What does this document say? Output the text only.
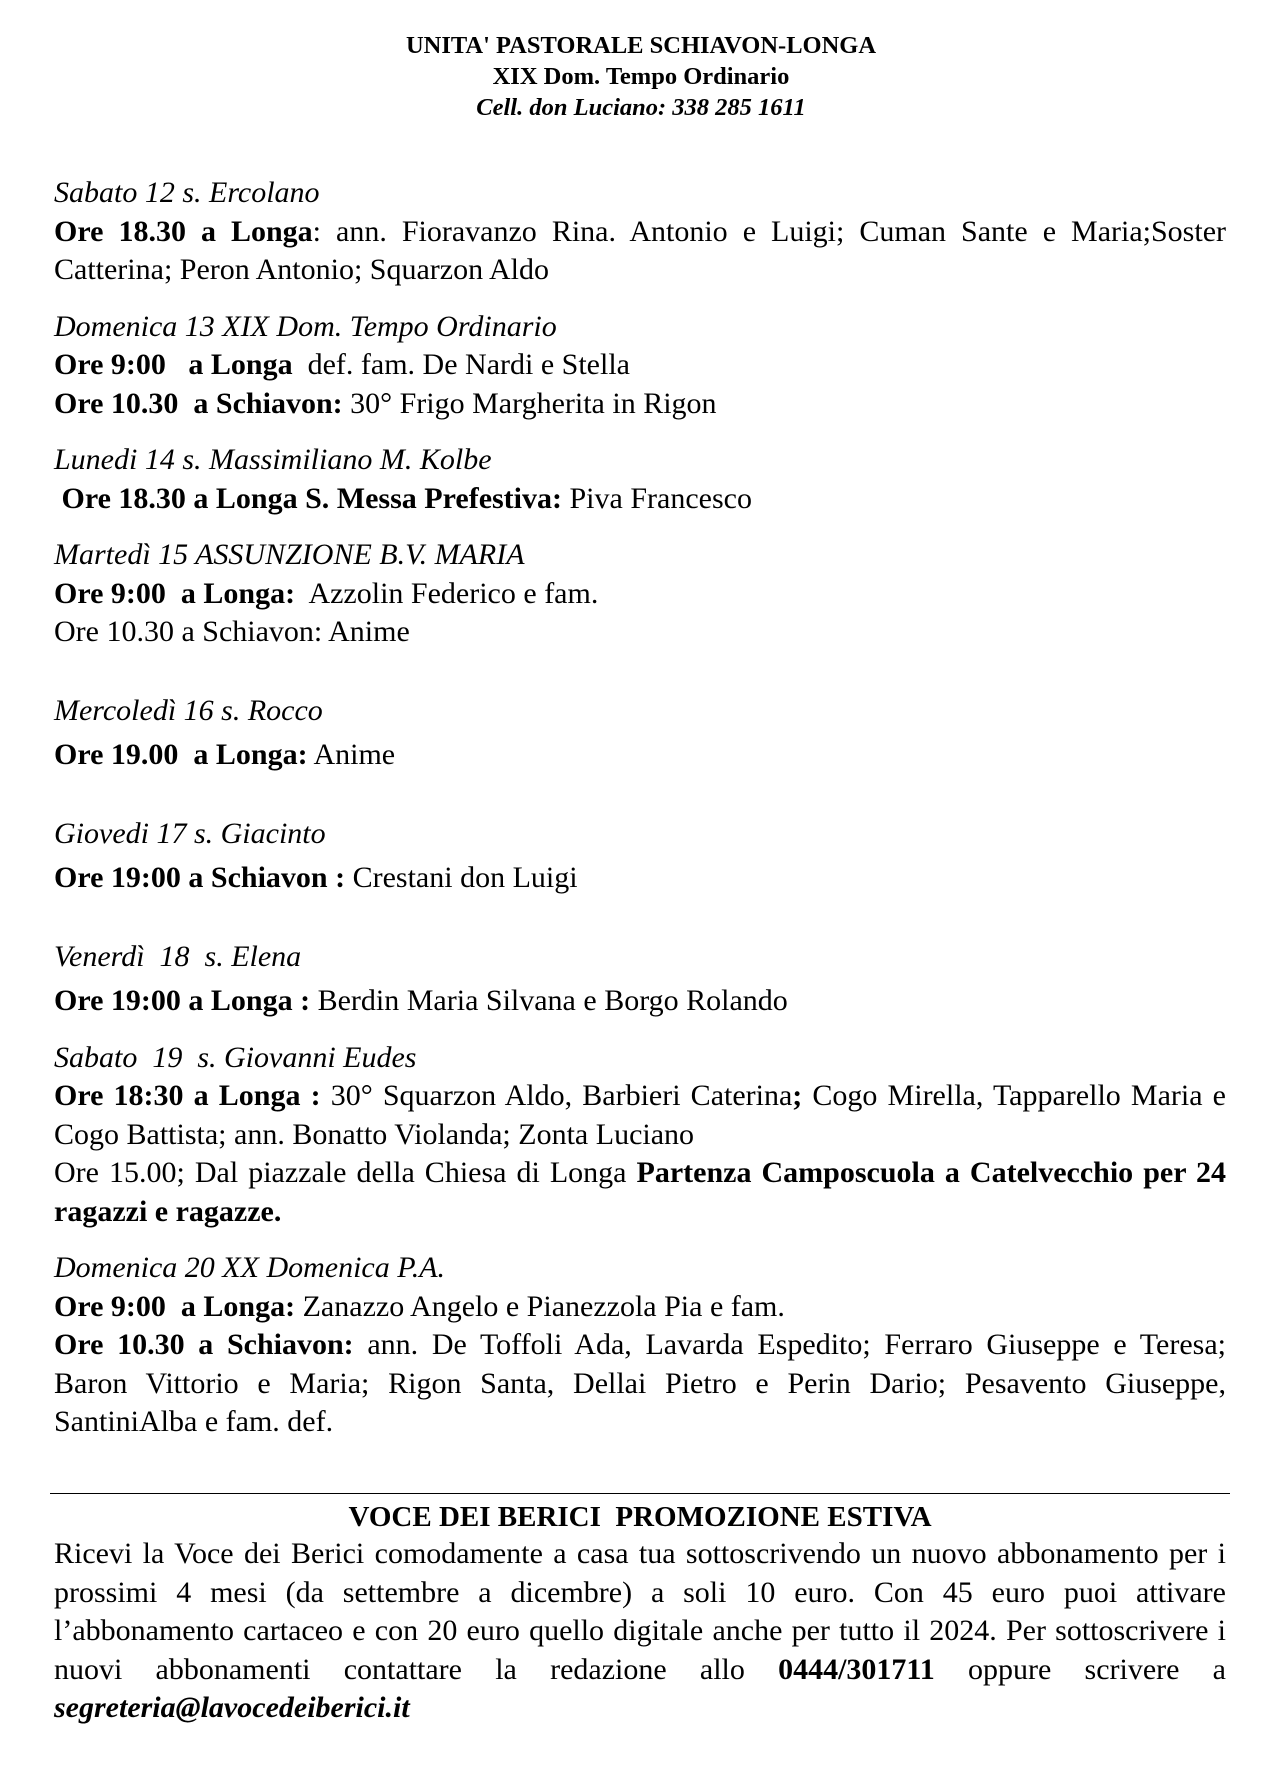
UNITA' PASTORALE SCHIAVON-LONGA
XIX Dom. Tempo Ordinario
Cell. don Luciano: 338 285 1611
Sabato 12 s. Ercolano
Ore 18.30 a Longa: ann. Fioravanzo Rina. Antonio e Luigi; Cuman Sante e Maria;Soster Catterina; Peron Antonio; Squarzon Aldo
Domenica 13 XIX Dom. Tempo Ordinario
Ore 9:00   a Longa  def. fam. De Nardi e Stella
Ore 10.30  a Schiavon: 30° Frigo Margherita in Rigon
Lunedi 14 s. Massimiliano M. Kolbe
Ore 18.30 a Longa S. Messa Prefestiva: Piva Francesco
Martedì 15 ASSUNZIONE B.V. MARIA
Ore 9:00  a Longa:  Azzolin Federico e fam.
Ore 10.30 a Schiavon: Anime
Mercoledì 16 s. Rocco
Ore 19.00  a Longa: Anime
Giovedi 17 s. Giacinto
Ore 19:00 a Schiavon : Crestani don Luigi
Venerdì  18  s. Elena
Ore 19:00 a Longa : Berdin Maria Silvana e Borgo Rolando
Sabato  19  s. Giovanni Eudes
Ore 18:30 a Longa : 30° Squarzon Aldo, Barbieri Caterina; Cogo Mirella, Tapparello Maria e Cogo Battista; ann. Bonatto Violanda; Zonta Luciano
Ore 15.00; Dal piazzale della Chiesa di Longa Partenza Camposcuola a Catelvecchio per 24 ragazzi e ragazze.
Domenica 20 XX Domenica P.A.
Ore 9:00  a Longa: Zanazzo Angelo e Pianezzola Pia e fam.
Ore 10.30 a Schiavon: ann. De Toffoli Ada, Lavarda Espedito; Ferraro Giuseppe e Teresa; Baron Vittorio e Maria; Rigon Santa, Dellai Pietro e Perin Dario; Pesavento Giuseppe, SantiniAlba e fam. def.
VOCE DEI BERICI  PROMOZIONE ESTIVA
Ricevi la Voce dei Berici comodamente a casa tua sottoscrivendo un nuovo abbonamento per i prossimi 4 mesi (da settembre a dicembre) a soli 10 euro. Con 45 euro puoi attivare l’abbonamento cartaceo e con 20 euro quello digitale anche per tutto il 2024. Per sottoscrivere i nuovi abbonamenti contattare la redazione allo 0444/301711 oppure scrivere a segreteria@lavocedeiberici.it
